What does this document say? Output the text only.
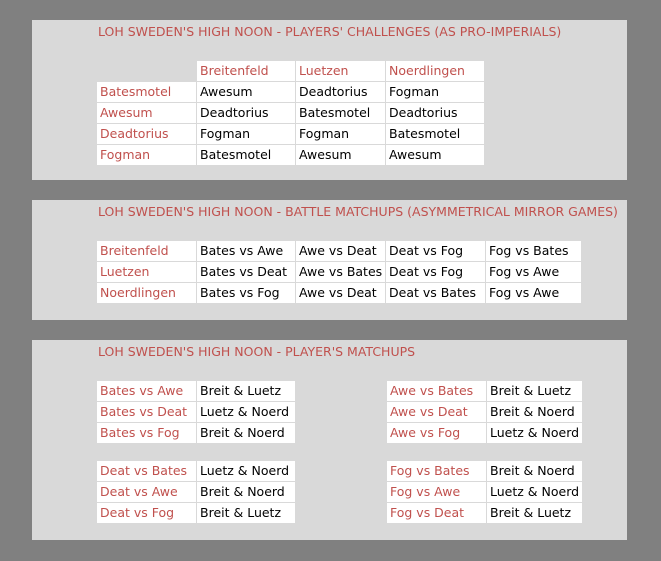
LOH SWEDEN'S HIGH NOON - PLAYERS' CHALLENGES (AS PRO-IMPERIALS)
	Breitenfeld	Luetzen	Noerdlingen
Batesmotel	Awesum	Deadtorius	Fogman
Awesum	Deadtorius	Batesmotel	Deadtorius
Deadtorius	Fogman	Fogman	Batesmotel
Fogman	Batesmotel	Awesum	Awesum
LOH SWEDEN'S HIGH NOON - BATTLE MATCHUPS (ASYMMETRICAL MIRROR GAMES)
Breitenfeld	Bates vs Awe	Awe vs Deat	Deat vs Fog	Fog vs Bates
Luetzen	Bates vs Deat	Awe vs Bates	Deat vs Fog	Fog vs Awe
Noerdlingen	Bates vs Fog	Awe vs Deat	Deat vs Bates	Fog vs Awe
LOH SWEDEN'S HIGH NOON - PLAYER'S MATCHUPS
Bates vs Awe	Breit & Luetz
Bates vs Deat	Luetz & Noerd
Bates vs Fog	Breit & Noerd
Awe vs Bates	Breit & Luetz
Awe vs Deat	Breit & Noerd
Awe vs Fog	Luetz & Noerd
Deat vs Bates	Luetz & Noerd
Deat vs Awe	Breit & Noerd
Deat vs Fog	Breit & Luetz
Fog vs Bates	Breit & Noerd
Fog vs Awe	Luetz & Noerd
Fog vs Deat	Breit & Luetz
